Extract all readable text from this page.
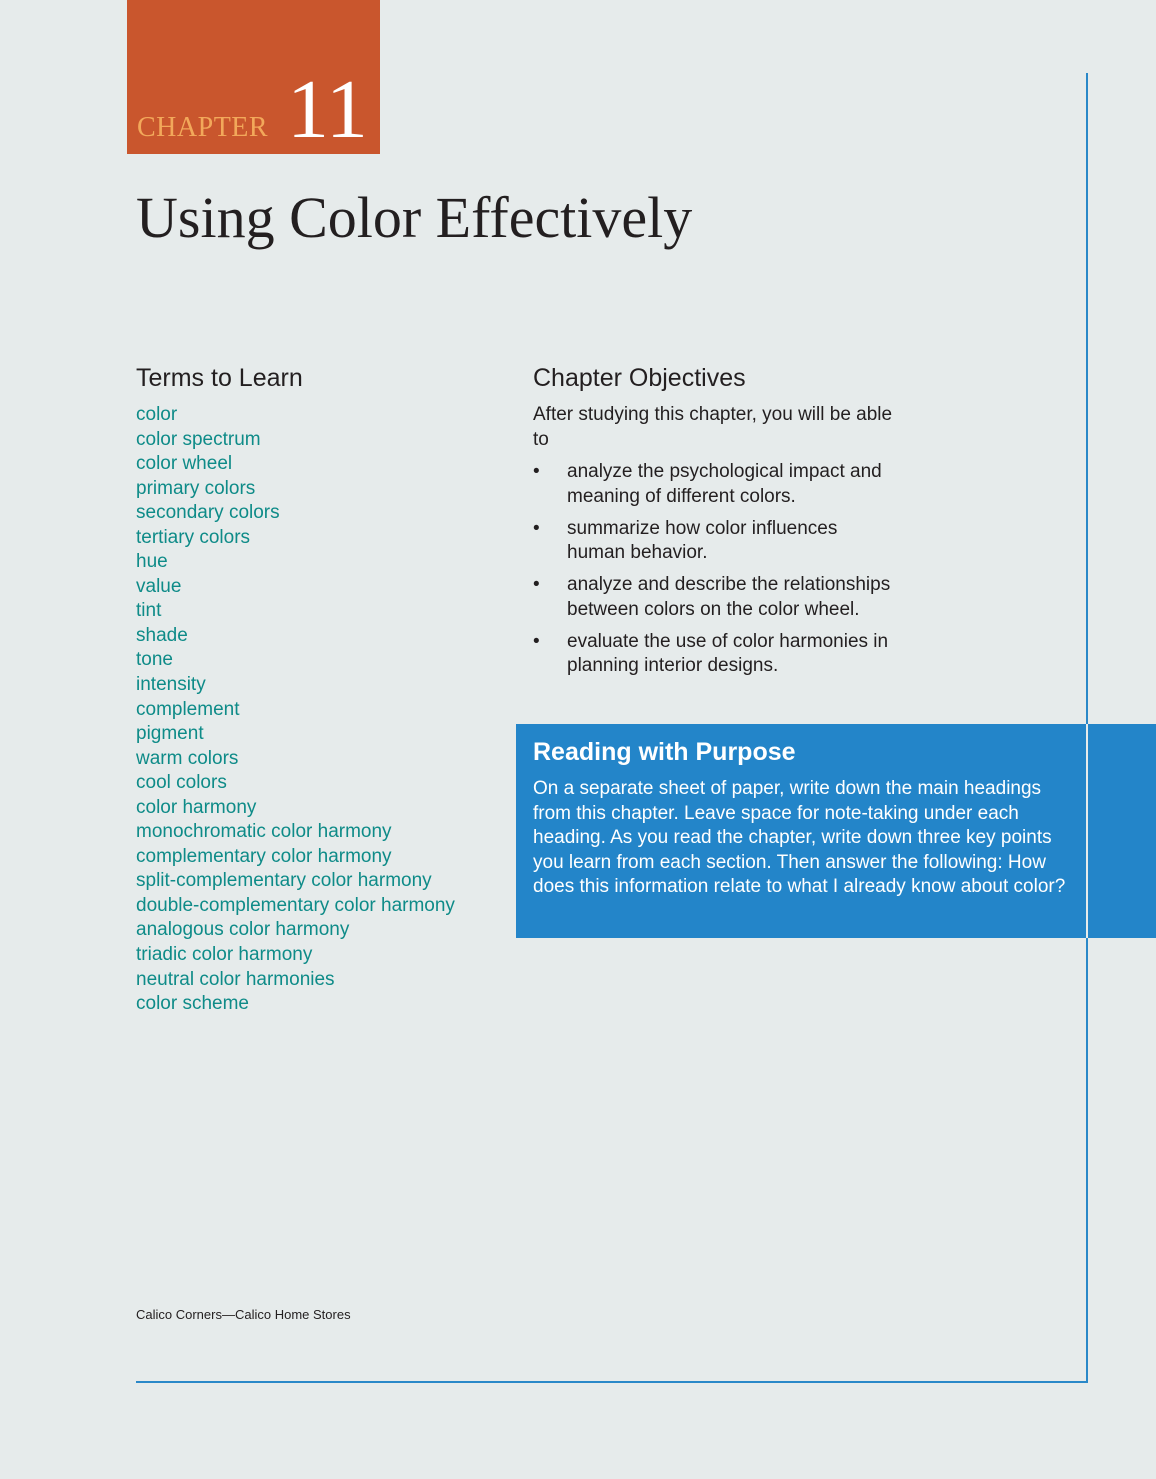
CHAPTER 11
Using Color Effectively
Terms to Learn
color
color spectrum
color wheel
primary colors
secondary colors
tertiary colors
hue
value
tint
shade
tone
intensity
complement
pigment
warm colors
cool colors
color harmony
monochromatic color harmony
complementary color harmony
split-complementary color harmony
double-complementary color harmony
analogous color harmony
triadic color harmony
neutral color harmonies
color scheme
Chapter Objectives

After studying this chapter, you will be able to

• analyze the psychological impact and meaning of different colors.
• summarize how color influences human behavior.
• analyze and describe the relationships between colors on the color wheel.
• evaluate the use of color harmonies in planning interior designs.
Reading with Purpose

On a separate sheet of paper, write down the main headings from this chapter. Leave space for note-taking under each heading. As you read the chapter, write down three key points you learn from each section. Then answer the following: How does this information relate to what I already know about color?

Calico Corners—Calico Home Stores
